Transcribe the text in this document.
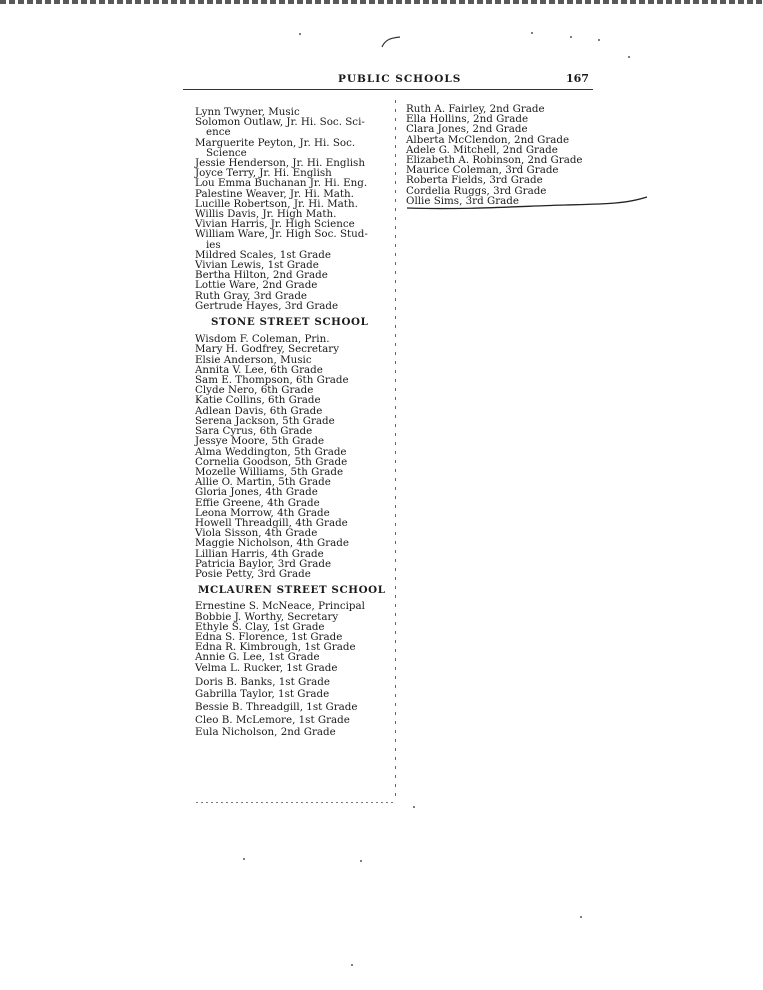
PUBLIC SCHOOLS	167
Lynn Twyner, Music
Solomon Outlaw, Jr. Hi. Soc. Sci-
ence
Marguerite Peyton, Jr. Hi. Soc.
Science
Jessie Henderson, Jr. Hi. English
Joyce Terry, Jr. Hi. English
Lou Emma Buchanan Jr. Hi. Eng.
Palestine Weaver, Jr. Hi. Math.
Lucille Robertson, Jr. Hi. Math.
Willis Davis, Jr. High Math.
Vivian Harris, Jr. High Science
William Ware, Jr. High Soc. Stud-
ies
Mildred Scales, 1st Grade
Vivian Lewis, 1st Grade
Bertha Hilton, 2nd Grade
Lottie Ware, 2nd Grade
Ruth Gray, 3rd Grade
Gertrude Hayes, 3rd Grade
STONE STREET SCHOOL
Wisdom F. Coleman, Prin.
Mary H. Godfrey, Secretary
Elsie Anderson, Music
Annita V. Lee, 6th Grade
Sam E. Thompson, 6th Grade
Clyde Nero, 6th Grade
Katie Collins, 6th Grade
Adlean Davis, 6th Grade
Serena Jackson, 5th Grade
Sara Cyrus, 6th Grade
Jessye Moore, 5th Grade
Alma Weddington, 5th Grade
Cornelia Goodson, 5th Grade
Mozelle Williams, 5th Grade
Allie O. Martin, 5th Grade
Gloria Jones, 4th Grade
Effie Greene, 4th Grade
Leona Morrow, 4th Grade
Howell Threadgill, 4th Grade
Viola Sisson, 4th Grade
Maggie Nicholson, 4th Grade
Lillian Harris, 4th Grade
Patricia Baylor, 3rd Grade
Posie Petty, 3rd Grade
MCLAUREN STREET SCHOOL
Ernestine S. McNeace, Principal
Bobbie J. Worthy, Secretary
Ethyle S. Clay, 1st Grade
Edna S. Florence, 1st Grade
Edna R. Kimbrough, 1st Grade
Annie G. Lee, 1st Grade
Velma L. Rucker, 1st Grade
Doris B. Banks, 1st Grade
Gabrilla Taylor, 1st Grade
Bessie B. Threadgill, 1st Grade
Cleo B. McLemore, 1st Grade
Eula Nicholson, 2nd Grade
Ruth A. Fairley, 2nd Grade
Ella Hollins, 2nd Grade
Clara Jones, 2nd Grade
Alberta McClendon, 2nd Grade
Adele G. Mitchell, 2nd Grade
Elizabeth A. Robinson, 2nd Grade
Maurice Coleman, 3rd Grade
Roberta Fields, 3rd Grade
Cordelia Ruggs, 3rd Grade
Ollie Sims, 3rd Grade
